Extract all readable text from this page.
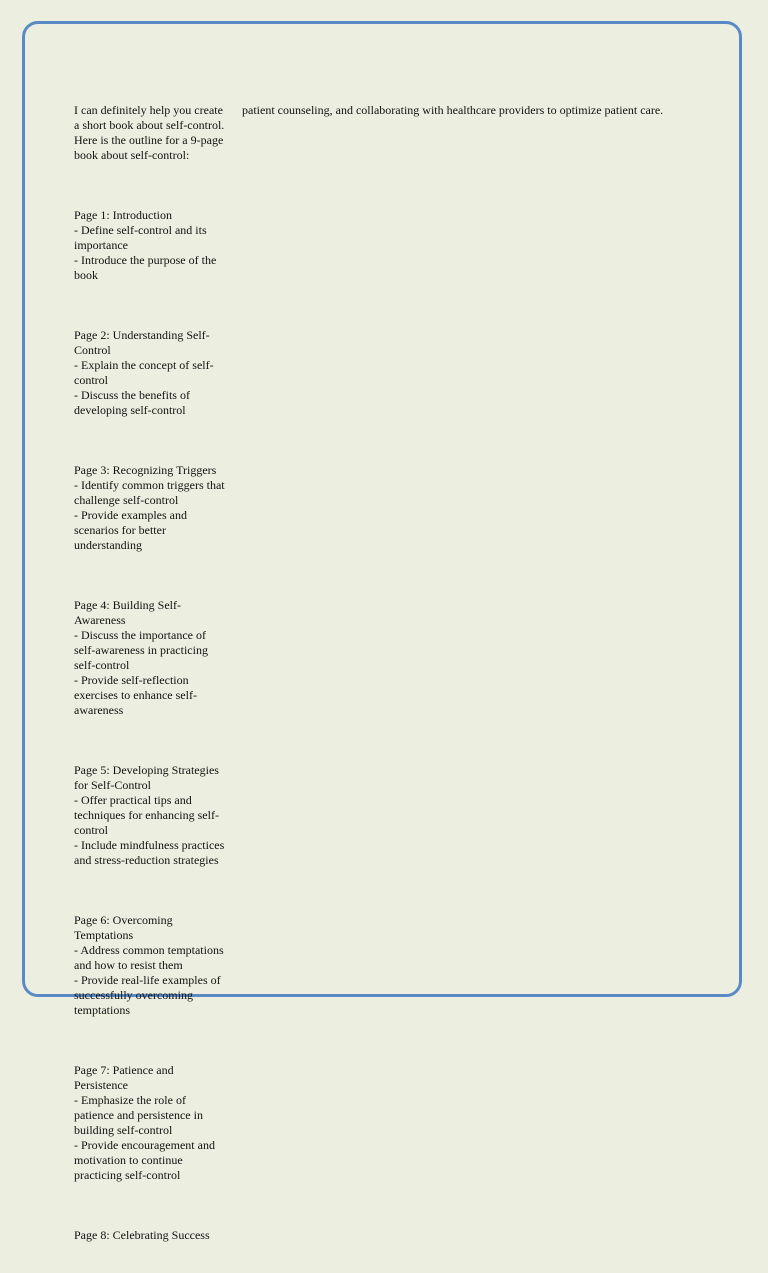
I can definitely help you create a short book about self-control. Here is the outline for a 9-page book about self-control:

Page 1: Introduction
- Define self-control and its importance
- Introduce the purpose of the book

Page 2: Understanding Self-Control
- Explain the concept of self-control
- Discuss the benefits of developing self-control

Page 3: Recognizing Triggers
- Identify common triggers that challenge self-control
- Provide examples and scenarios for better understanding

Page 4: Building Self-Awareness
- Discuss the importance of self-awareness in practicing self-control
- Provide self-reflection exercises to enhance self-awareness

Page 5: Developing Strategies for Self-Control
- Offer practical tips and techniques for enhancing self-control
- Include mindfulness practices and stress-reduction strategies

Page 6: Overcoming Temptations
- Address common temptations and how to resist them
- Provide real-life examples of successfully overcoming temptations

Page 7: Patience and Persistence
- Emphasize the role of patience and persistence in building self-control
- Provide encouragement and motivation to continue practicing self-control

Page 8: Celebrating Success

patient counseling, and collaborating with healthcare providers to optimize patient care.
